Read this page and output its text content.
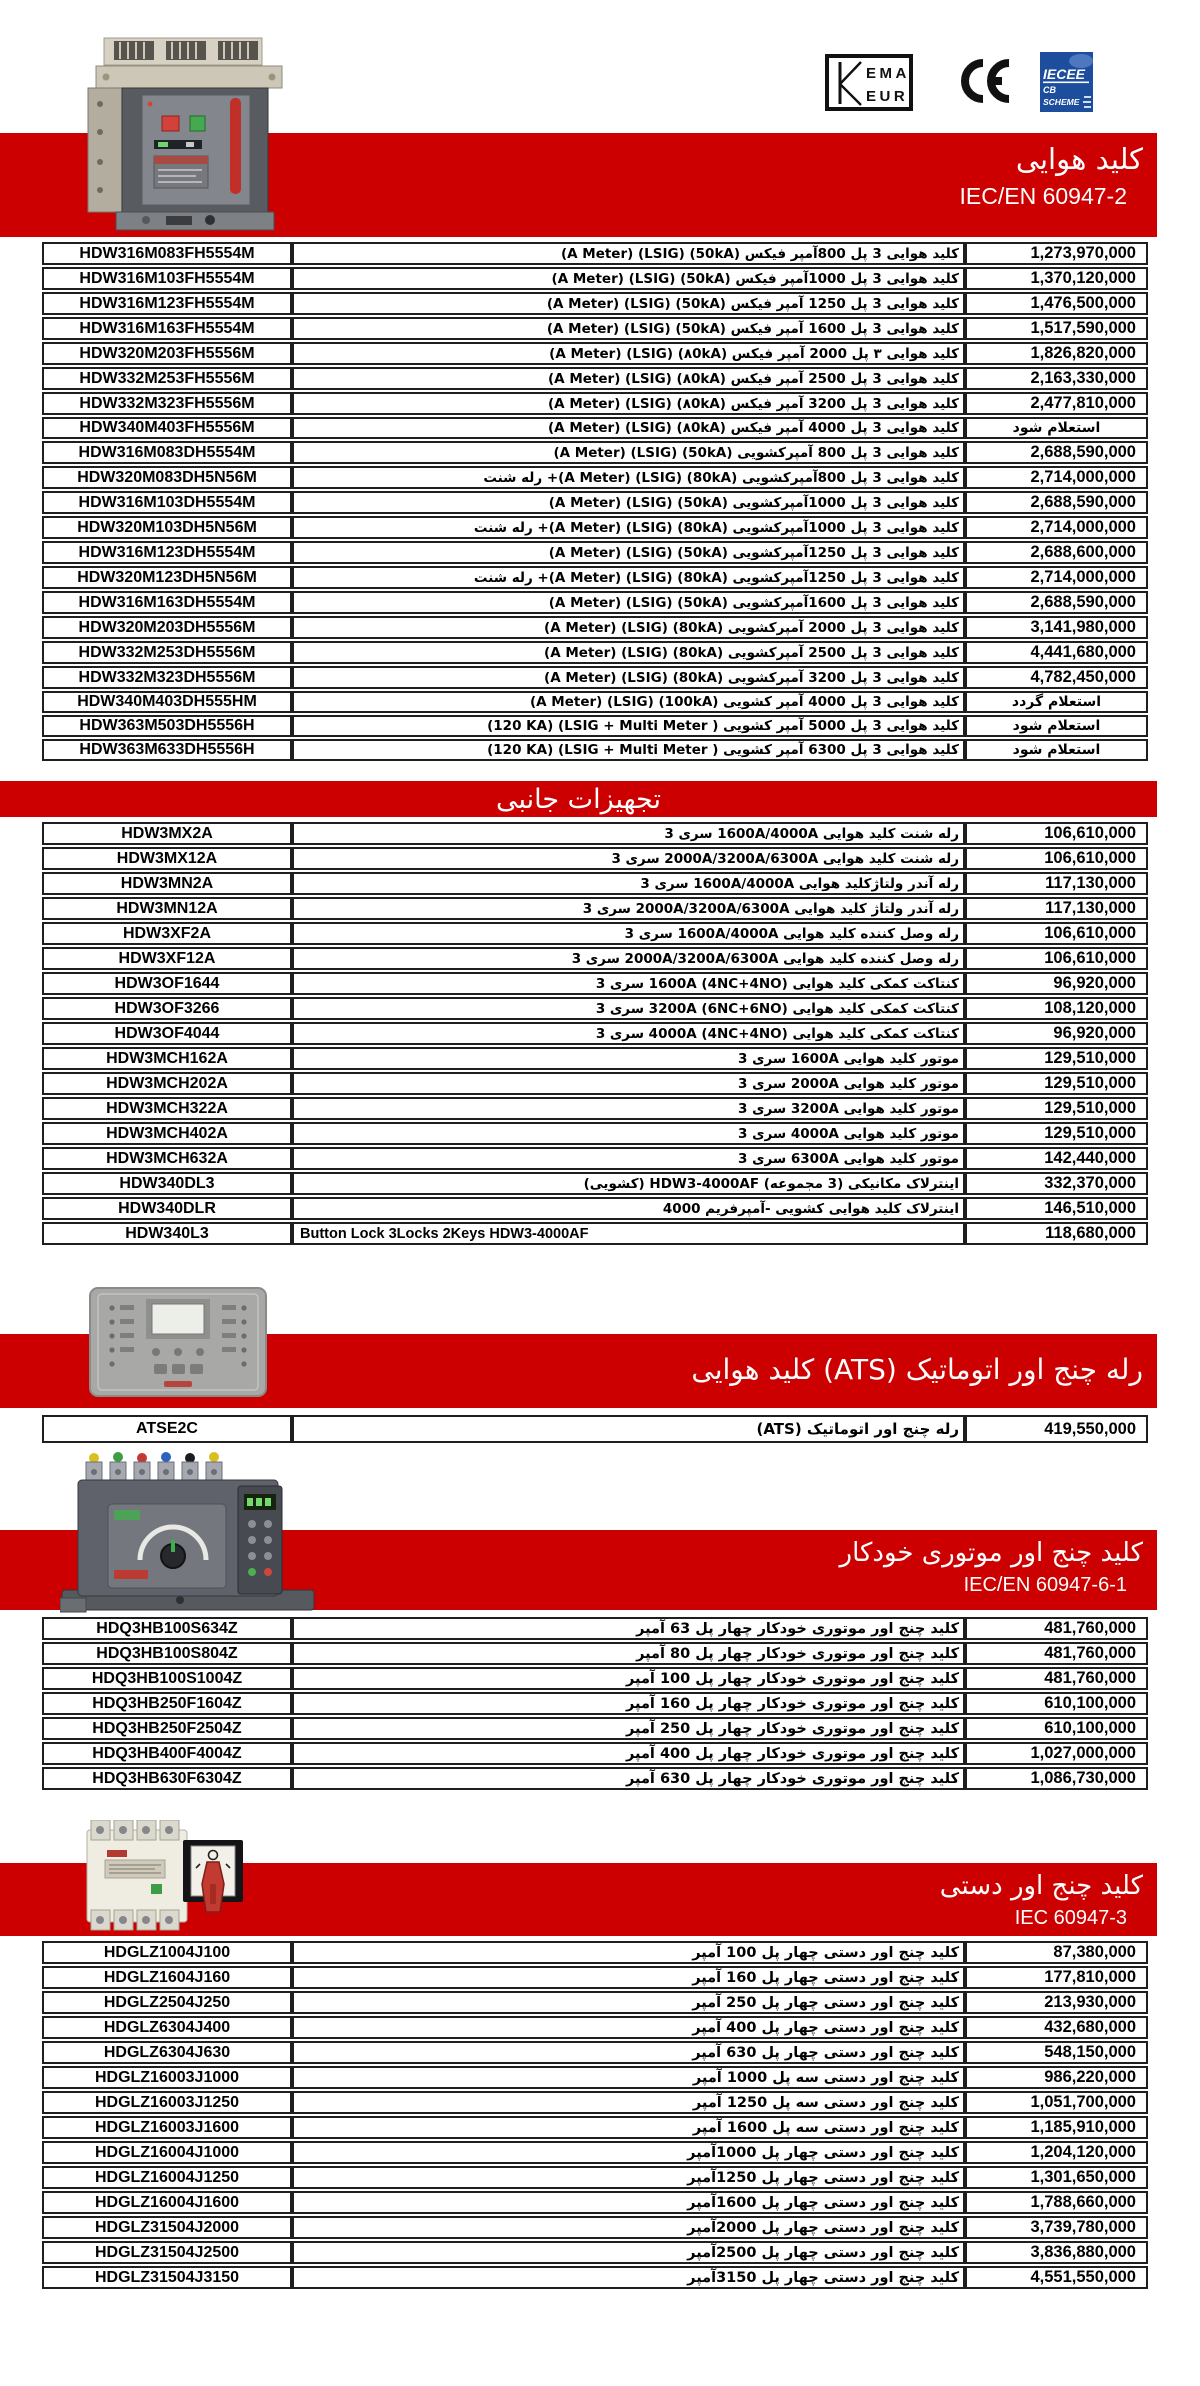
EMA
EUR
IECEE
CB
SCHEME
کلید هوایی
IEC/EN 60947-2
HDW316M083FH5554M	کلید هوایی 3 پل 800آمپر فیکس (50kA) (LSIG) (A Meter)	1,273,970,000
HDW316M103FH5554M	کلید هوایی 3 پل 1000آمپر فیکس (50kA) (LSIG) (A Meter)	1,370,120,000
HDW316M123FH5554M	کلید هوایی 3 پل 1250 آمپر فیکس (50kA) (LSIG) (A Meter)	1,476,500,000
HDW316M163FH5554M	کلید هوایی 3 پل 1600 آمپر فیکس (50kA) (LSIG) (A Meter)	1,517,590,000
HDW320M203FH5556M	کلید هوایی ۳ پل 2000 آمپر فیکس (۸0kA) (LSIG) (A Meter)	1,826,820,000
HDW332M253FH5556M	کلید هوایی 3 پل 2500 آمپر فیکس (۸0kA) (LSIG) (A Meter)	2,163,330,000
HDW332M323FH5556M	کلید هوایی 3 پل 3200 آمپر فیکس (۸0kA) (LSIG) (A Meter)	2,477,810,000
HDW340M403FH5556M	کلید هوایی 3 پل 4000 آمپر فیکس (۸0kA) (LSIG) (A Meter)	استعلام شود
HDW316M083DH5554M	کلید هوایی 3 پل 800 آمپرکشویی (50kA) (LSIG) (A Meter)	2,688,590,000
HDW320M083DH5N56M	کلید هوایی 3 پل 800آمپرکشویی (80kA) (LSIG) (A Meter)+ رله شنت	2,714,000,000
HDW316M103DH5554M	کلید هوایی 3 پل 1000آمپرکشویی (50kA) (LSIG) (A Meter)	2,688,590,000
HDW320M103DH5N56M	کلید هوایی 3 پل 1000آمپرکشویی (80kA) (LSIG) (A Meter)+ رله شنت	2,714,000,000
HDW316M123DH5554M	کلید هوایی 3 پل 1250آمپرکشویی (50kA) (LSIG) (A Meter)	2,688,600,000
HDW320M123DH5N56M	کلید هوایی 3 پل 1250آمپرکشویی (80kA) (LSIG) (A Meter)+ رله شنت	2,714,000,000
HDW316M163DH5554M	کلید هوایی 3 پل 1600آمپرکشویی (50kA) (LSIG) (A Meter)	2,688,590,000
HDW320M203DH5556M	کلید هوایی 3 پل 2000 آمپرکشویی (80kA) (LSIG) (A Meter)	3,141,980,000
HDW332M253DH5556M	کلید هوایی 3 پل 2500 آمپرکشویی (80kA) (LSIG) (A Meter)	4,441,680,000
HDW332M323DH5556M	کلید هوایی 3 پل 3200 آمپرکشویی (80kA) (LSIG) (A Meter)	4,782,450,000
HDW340M403DH555HM	کلید هوایی 3 پل 4000 آمپر کشویی (100kA) (LSIG) (A Meter)	استعلام گردد
HDW363M503DH5556H	کلید هوایی 3 پل 5000 آمپر کشویی ( LSIG + Multi Meter) (120 KA)	استعلام شود
HDW363M633DH5556H	کلید هوایی 3 پل 6300 آمپر کشویی ( LSIG + Multi Meter) (120 KA)	استعلام شود
تجهیزات جانبی
HDW3MX2A	رله شنت کلید هوایی 1600A/4000A سری 3	106,610,000
HDW3MX12A	رله شنت کلید هوایی 2000A/3200A/6300A سری 3	106,610,000
HDW3MN2A	رله آندر ولتاژکلید هوایی 1600A/4000A سری 3	117,130,000
HDW3MN12A	رله آندر ولتاژ کلید هوایی 2000A/3200A/6300A سری 3	117,130,000
HDW3XF2A	رله وصل کننده کلید هوایی 1600A/4000A سری 3	106,610,000
HDW3XF12A	رله وصل کننده کلید هوایی 2000A/3200A/6300A سری 3	106,610,000
HDW3OF1644	کنتاکت کمکی کلید هوایی (4NC+4NO) 1600A سری 3	96,920,000
HDW3OF3266	کنتاکت کمکی کلید هوایی (6NC+6NO) 3200A سری 3	108,120,000
HDW3OF4044	کنتاکت کمکی کلید هوایی (4NC+4NO) 4000A سری 3	96,920,000
HDW3MCH162A	موتور کلید هوایی 1600A سری 3	129,510,000
HDW3MCH202A	موتور کلید هوایی 2000A سری 3	129,510,000
HDW3MCH322A	موتور کلید هوایی 3200A سری 3	129,510,000
HDW3MCH402A	موتور کلید هوایی 4000A سری 3	129,510,000
HDW3MCH632A	موتور کلید هوایی 6300A سری 3	142,440,000
HDW340DL3	اینترلاک مکانیکی (3 مجموعه) HDW3-4000AF (کشویی)	332,370,000
HDW340DLR	اینترلاک کلید هوایی کشویی -آمپرفریم 4000	146,510,000
HDW340L3	Button Lock 3Locks 2Keys HDW3-4000AF	118,680,000
رله چنج اور اتوماتیک (ATS) کلید هوایی
ATSE2C	رله چنج اور اتوماتیک (ATS)	419,550,000
کلید چنج اور موتوری خودکار
IEC/EN 60947-6-1
HDQ3HB100S634Z	کلید چنج اور موتوری خودکار چهار پل 63 آمپر	481,760,000
HDQ3HB100S804Z	کلید چنج اور موتوری خودکار چهار پل 80 آمپر	481,760,000
HDQ3HB100S1004Z	کلید چنج اور موتوری خودکار چهار پل 100 آمپر	481,760,000
HDQ3HB250F1604Z	کلید چنج اور موتوری خودکار چهار پل 160 آمپر	610,100,000
HDQ3HB250F2504Z	کلید چنج اور موتوری خودکار چهار پل 250 آمپر	610,100,000
HDQ3HB400F4004Z	کلید چنج اور موتوری خودکار چهار پل 400 آمپر	1,027,000,000
HDQ3HB630F6304Z	کلید چنج اور موتوری خودکار چهار پل 630 آمپر	1,086,730,000
کلید چنج اور دستی
IEC 60947-3
HDGLZ1004J100	کلید چنج اور دستی چهار پل 100 آمپر	87,380,000
HDGLZ1604J160	کلید چنج اور دستی چهار پل 160 آمپر	177,810,000
HDGLZ2504J250	کلید چنج اور دستی چهار پل 250 آمپر	213,930,000
HDGLZ6304J400	کلید چنج اور دستی چهار پل 400 آمپر	432,680,000
HDGLZ6304J630	کلید چنج اور دستی چهار پل 630 آمپر	548,150,000
HDGLZ16003J1000	کلید چنج اور دستی سه پل 1000 آمپر	986,220,000
HDGLZ16003J1250	کلید چنج اور دستی سه پل 1250 آمپر	1,051,700,000
HDGLZ16003J1600	کلید چنج اور دستی سه پل 1600 آمپر	1,185,910,000
HDGLZ16004J1000	کلید چنج اور دستی چهار پل 1000آمپر	1,204,120,000
HDGLZ16004J1250	کلید چنج اور دستی چهار پل 1250آمپر	1,301,650,000
HDGLZ16004J1600	کلید چنج اور دستی چهار پل 1600آمپر	1,788,660,000
HDGLZ31504J2000	کلید چنج اور دستی چهار پل 2000آمپر	3,739,780,000
HDGLZ31504J2500	کلید چنج اور دستی چهار پل 2500آمپر	3,836,880,000
HDGLZ31504J3150	کلید چنج اور دستی چهار پل 3150آمپر	4,551,550,000
